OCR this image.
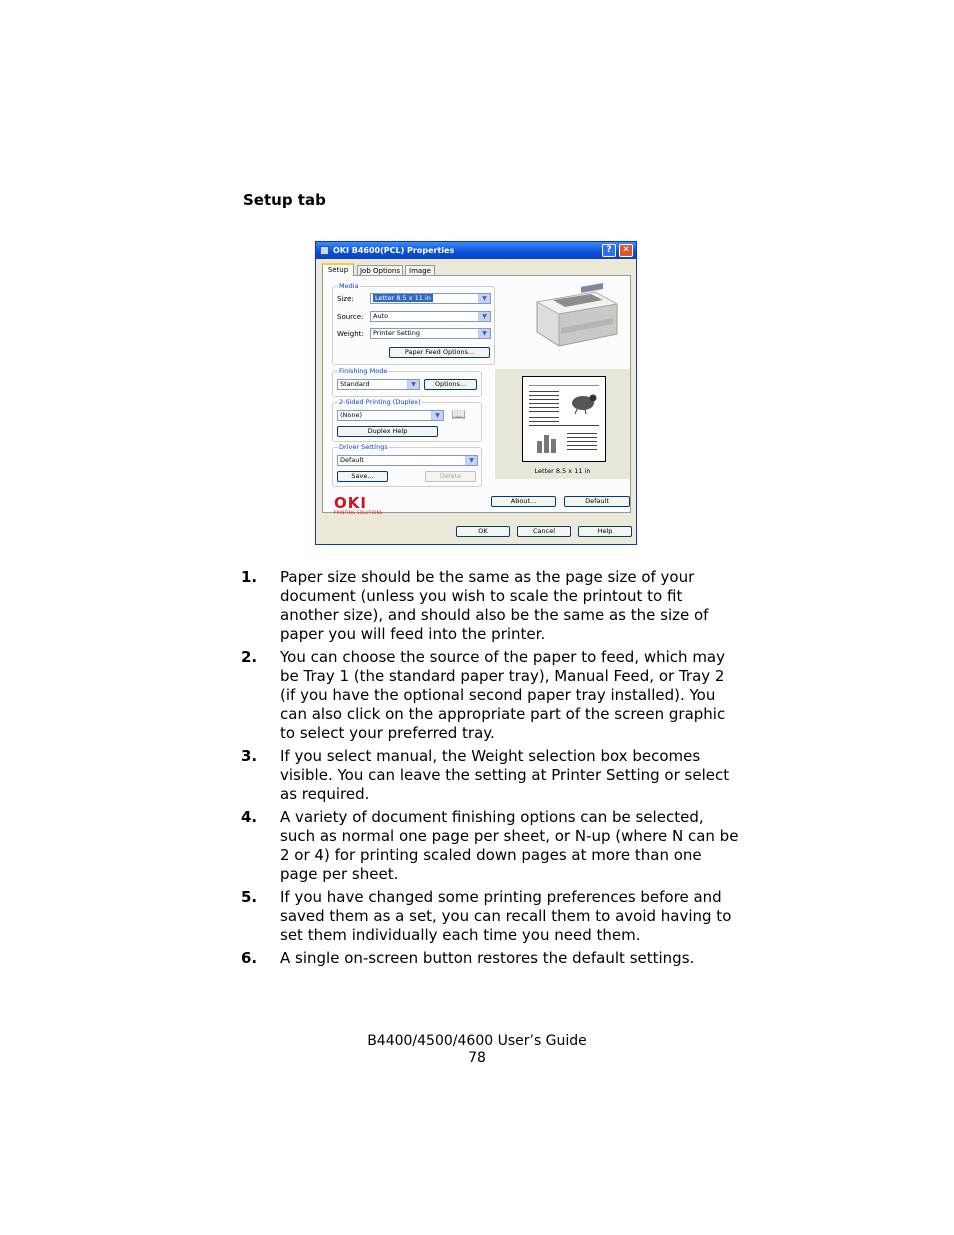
Setup tab
OKI B4600(PCL) Properties	?	✕
Setup	Job Options	Image
Media
Size:	Letter 8.5 x 11 in	▼
Source:	Auto	▼
Weight:	Printer Setting	▼
Paper Feed Options...
Finishing Mode
Standard	▼	Options...
2-Sided Printing (Duplex)
(None)	▼ 📖
Duplex Help
Driver Settings
Default	▼
Save...	Delete
Letter 8.5 x 11 in
About...	Default
OKI
PRINTING SOLUTIONS
OK	Cancel	Help
1. Paper size should be the same as the page size of your document (unless you wish to scale the printout to fit another size), and should also be the same as the size of paper you will feed into the printer.
2. You can choose the source of the paper to feed, which may be Tray 1 (the standard paper tray), Manual Feed, or Tray 2 (if you have the optional second paper tray installed). You can also click on the appropriate part of the screen graphic to select your preferred tray.
3. If you select manual, the Weight selection box becomes visible. You can leave the setting at Printer Setting or select as required.
4. A variety of document finishing options can be selected, such as normal one page per sheet, or N-up (where N can be 2 or 4) for printing scaled down pages at more than one page per sheet.
5. If you have changed some printing preferences before and saved them as a set, you can recall them to avoid having to set them individually each time you need them.
6. A single on-screen button restores the default settings.
B4400/4500/4600 User’s Guide
78
